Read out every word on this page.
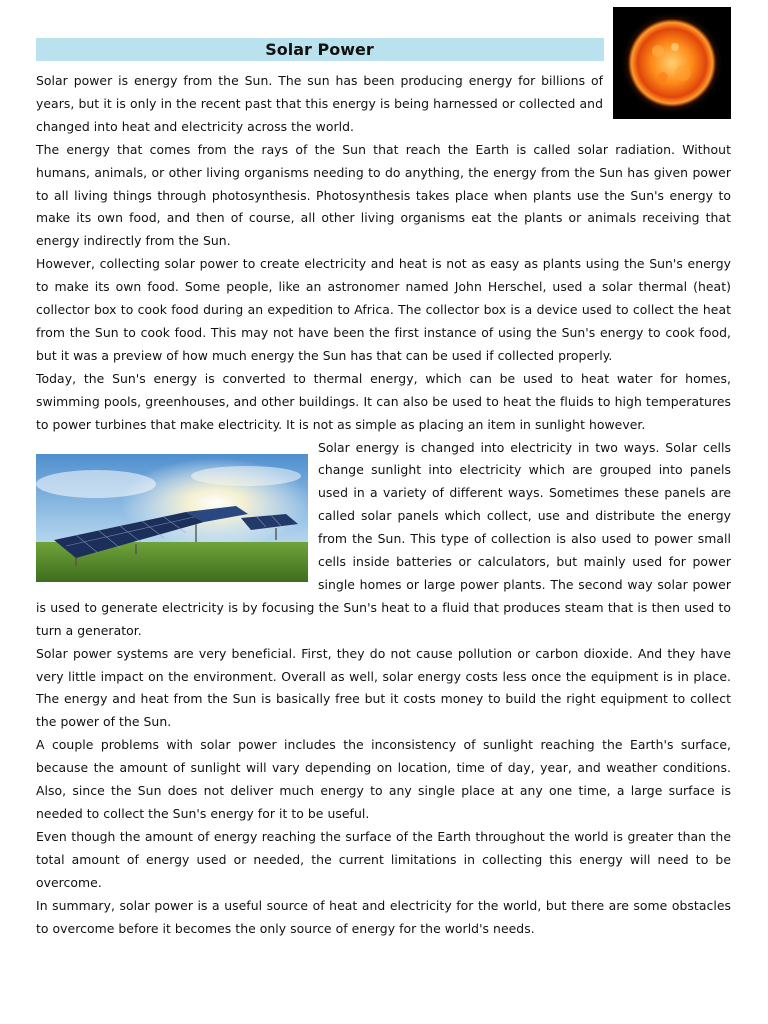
Solar Power

Solar power is energy from the Sun. The sun has been producing energy for billions of years, but it is only in the recent past that this energy is being harnessed or collected and changed into heat and electricity across the world.

The energy that comes from the rays of the Sun that reach the Earth is called solar radiation. Without humans, animals, or other living organisms needing to do anything, the energy from the Sun has given power to all living things through photosynthesis. Photosynthesis takes place when plants use the Sun's energy to make its own food, and then of course, all other living organisms eat the plants or animals receiving that energy indirectly from the Sun.

However, collecting solar power to create electricity and heat is not as easy as plants using the Sun's energy to make its own food. Some people, like an astronomer named John Herschel, used a solar thermal (heat) collector box to cook food during an expedition to Africa. The collector box is a device used to collect the heat from the Sun to cook food. This may not have been the first instance of using the Sun's energy to cook food, but it was a preview of how much energy the Sun has that can be used if collected properly.

Today, the Sun's energy is converted to thermal energy, which can be used to heat water for homes, swimming pools, greenhouses, and other buildings. It can also be used to heat the fluids to high temperatures to power turbines that make electricity. It is not as simple as placing an item in sunlight however.

Solar energy is changed into electricity in two ways. Solar cells change sunlight into electricity which are grouped into panels used in a variety of different ways. Sometimes these panels are called solar panels which collect, use and distribute the energy from the Sun. This type of collection is also used to power small cells inside batteries or calculators, but mainly used for power single homes or large power plants. The second way solar power is used to generate electricity is by focusing the Sun's heat to a fluid that produces steam that is then used to turn a generator.

Solar power systems are very beneficial. First, they do not cause pollution or carbon dioxide. And they have very little impact on the environment. Overall as well, solar energy costs less once the equipment is in place. The energy and heat from the Sun is basically free but it costs money to build the right equipment to collect the power of the Sun.

A couple problems with solar power includes the inconsistency of sunlight reaching the Earth's surface, because the amount of sunlight will vary depending on location, time of day, year, and weather conditions. Also, since the Sun does not deliver much energy to any single place at any one time, a large surface is needed to collect the Sun's energy for it to be useful.

Even though the amount of energy reaching the surface of the Earth throughout the world is greater than the total amount of energy used or needed, the current limitations in collecting this energy will need to be overcome.

In summary, solar power is a useful source of heat and electricity for the world, but there are some obstacles to overcome before it becomes the only source of energy for the world's needs.
